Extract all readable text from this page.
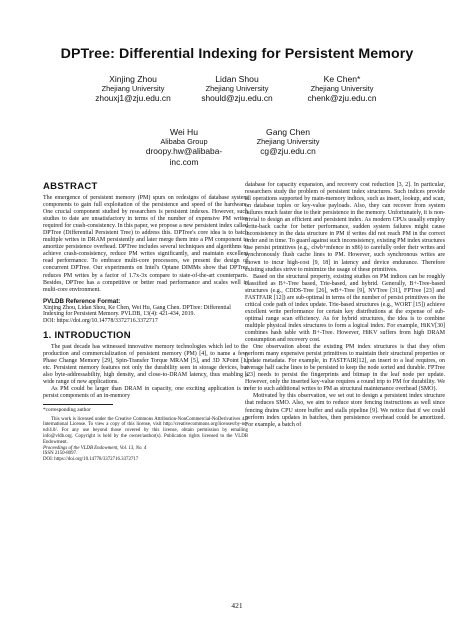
DPTree: Differential Indexing for Persistent Memory
Xinjing Zhou
Zhejiang University
zhouxj1@zju.edu.cn
Lidan Shou
Zhejiang University
should@zju.edu.cn
Ke Chen*
Zhejiang University
chenk@zju.edu.cn
Wei Hu
Alibaba Group
droopy.hw@alibaba-inc.com
Gang Chen
Zhejiang University
cg@zju.edu.cn
ABSTRACT

The emergence of persistent memory (PM) spurs on redesigns of database system components to gain full exploitation of the persistence and speed of the hardware. One crucial component studied by researchers is persistent indexes. However, such studies to date are unsatisfactory in terms of the number of expensive PM writes required for crash-consistency. In this paper, we propose a new persistent index called DPTree (Differential Persistent Tree) to address this. DPTree's core idea is to batch multiple writes in DRAM persistently and later merge them into a PM component to amortize persistence overhead. DPTree includes several techniques and algorithms to achieve crash-consistency, reduce PM writes significantly, and maintain excellent read performance. To embrace multi-core processors, we present the design of concurrent DPTree. Our experiments on Intel's Optane DIMMs show that DPTree reduces PM writes by a factor of 1.7x-3x compare to state-of-the-art counterparts. Besides, DPTree has a competitive or better read performance and scales well in multi-core environment.

PVLDB Reference Format:
Xinjing Zhou, Lidan Shou, Ke Chen, Wei Hu, Gang Chen. DPTree: Differential Indexing for Persistent Memory. PVLDB, 13(4): 421-434, 2019.
DOI: https://doi.org/10.14778/3372716.3372717
1. INTRODUCTION

The past decade has witnessed innovative memory technologies which led to the production and commercialization of persistent memory (PM) [4], to name a few, Phase Change Memory [29], Spin-Transfer Torque MRAM [5], and 3D XPoint [1] etc. Persistent memory features not only the durability seen in storage devices, but also byte-addressability, high density, and close-to-DRAM latency, thus enabling a wide range of new applications.

As PM could be larger than DRAM in capacity, one exciting application is to persist components of an in-memory

*corresponding author
This work is licensed under the Creative Commons Attribution-NonCommercial-NoDerivatives 4.0 International License. To view a copy of this license, visit http://creativecommons.org/licenses/by-nc-nd/4.0/. For any use beyond those covered by this license, obtain permission by emailing info@vldb.org. Copyright is held by the owner/author(s). Publication rights licensed to the VLDB Endowment.
Proceedings of the VLDB Endowment, Vol. 13, No. 4
ISSN 2150-8097.
DOI: https://doi.org/10.14778/3372716.3372717

database for capacity expansion, and recovery cost reduction [3, 2]. In particular, researchers study the problem of persistent index structures. Such indices provide all operations supported by main-memory indices, such as insert, lookup, and scan, on database tuples or key-value payloads. Also, they can recover from system failures much faster due to their persistence in the memory. Unfortunately, it is non-trivial to design an efficient and persistent index. As modern CPUs usually employ write-back cache for better performance, sudden system failures might cause inconsistency in the data structure in PM if writes did not reach PM in the correct order and in time. To guard against such inconsistency, existing PM index structures use persist primitives (e.g., clwb+mfence in x86) to carefully order their writes and synchronously flush cache lines to PM. However, such synchronous writes are shown to incur high-cost [9, 18] in latency and device endurance. Therefore existing studies strive to minimize the usage of these primitives.

Based on the structural property, existing studies on PM indices can be roughly classified as B+-Tree based, Trie-based, and hybrid. Generally, B+-Tree-based structures (e.g., CDDS-Tree [26], wB+-Tree [9], NVTree [31], FPTree [23] and FASTFAIR [12]) are sub-optimal in terms of the number of persist primitives on the critical code path of index update. Trie-based structures (e.g., WORT [15]) achieve excellent write performance for certain key distributions at the expense of sub-optimal range scan efficiency. As for hybrid structures, the idea is to combine multiple physical index structures to form a logical index. For example, HiKV[30] combines hash table with B+-Tree. However, HiKV suffers from high DRAM consumption and recovery cost.

One observation about the existing PM index structures is that they often perform many expensive persist primitives to maintain their structural properties or update metadata. For example, in FASTFAIR[12], an insert to a leaf requires, on average half cache lines to be persisted to keep the node sorted and durable. FPTree [23] needs to persist the fingerprints and bitmap in the leaf node per update. However, only the inserted key-value requires a round trip to PM for durability. We refer to such additional writes to PM as structural maintenance overhead (SMO).

Motivated by this observation, we set out to design a persistent index structure that reduces SMO. Also, we aim to reduce store fencing instructions as well since fencing drains CPU store buffer and stalls pipeline [9]. We notice that if we could perform index updates in batches, then persistence overhead could be amortized. For example, a batch of

421
